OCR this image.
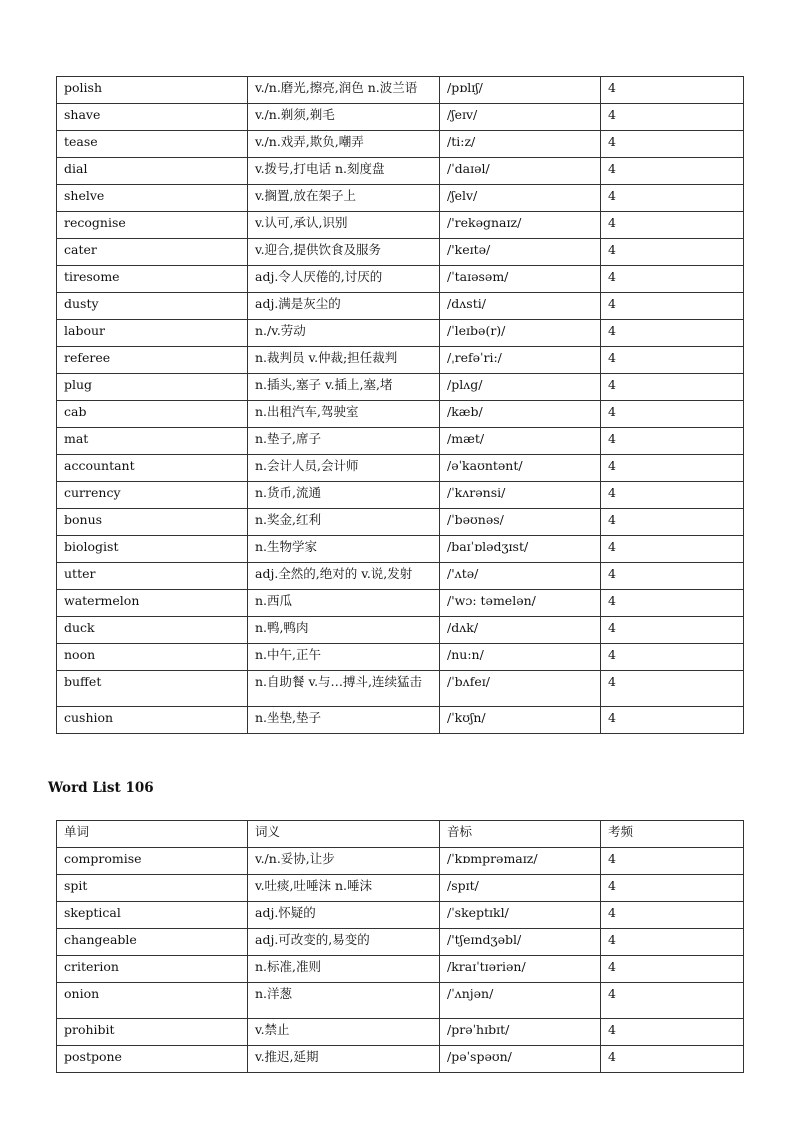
polish	v./n.磨光,擦亮,润色 n.波兰语	/pɒlɪʃ/	4
shave	v./n.剃须,剃毛	/ʃeɪv/	4
tease	v./n.戏弄,欺负,嘲弄	/ti:z/	4
dial	v.拨号,打电话 n.刻度盘	/ˈdaɪəl/	4
shelve	v.搁置,放在架子上	/ʃelv/	4
recognise	v.认可,承认,识别	/'rekəgnaɪz/	4
cater	v.迎合,提供饮食及服务	/'keɪtə/	4
tiresome	adj.令人厌倦的,讨厌的	/ˈtaɪəsəm/	4
dusty	adj.满是灰尘的	/dʌsti/	4
labour	n./v.劳动	/ˈleɪbə(r)/	4
referee	n.裁判员 v.仲裁;担任裁判	/ˌrefəˈri:/	4
plug	n.插头,塞子 v.插上,塞,堵	/plʌg/	4
cab	n.出租汽车,驾驶室	/kæb/	4
mat	n.垫子,席子	/mæt/	4
accountant	n.会计人员,会计师	/əˈkaʊntənt/	4
currency	n.货币,流通	/ˈkʌrənsi/	4
bonus	n.奖金,红利	/ˈbəʊnəs/	4
biologist	n.生物学家	/baɪˈɒlədʒɪst/	4
utter	adj.全然的,绝对的 v.说,发射	/'ʌtə/	4
watermelon	n.西瓜	/'wɔ: təmelən/	4
duck	n.鸭,鸭肉	/dʌk/	4
noon	n.中午,正午	/nu:n/	4
buffet	n.自助餐 v.与…搏斗,连续猛击	/ˈbʌfeɪ/	4
cushion	n.坐垫,垫子	/ˈkʊʃn/	4
Word List 106
单词	词义	音标	考频
compromise	v./n.妥协,让步	/ˈkɒmprəmaɪz/	4
spit	v.吐痰,吐唾沫 n.唾沫	/spɪt/	4
skeptical	adj.怀疑的	/ˈskeptɪkl/	4
changeable	adj.可改变的,易变的	/'tʃeɪndʒəbl/	4
criterion	n.标准,准则	/kraɪˈtɪəriən/	4
onion	n.洋葱	/ˈʌnjən/	4
prohibit	v.禁止	/prəˈhɪbɪt/	4
postpone	v.推迟,延期	/pəˈspəʊn/	4
